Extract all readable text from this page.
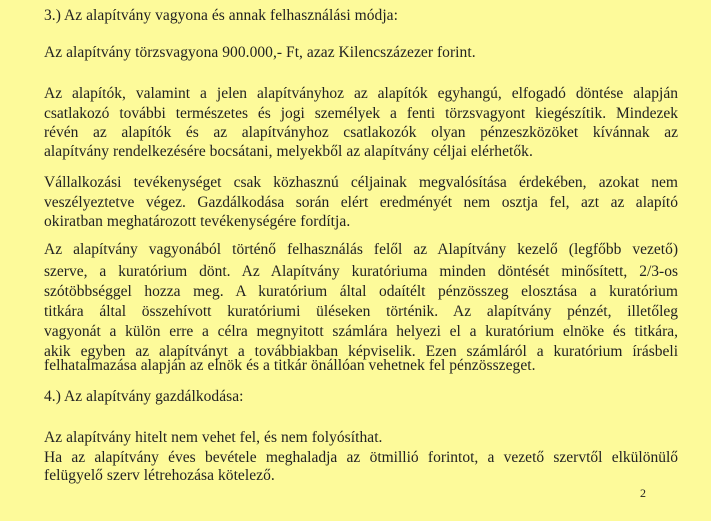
3.) Az alapítvány vagyona és annak felhasználási módja:
Az alapítvány törzsvagyona 900.000,- Ft, azaz Kilencszázezer forint.
Az alapítók, valamint a jelen alapítványhoz az alapítók egyhangú, elfogadó döntése alapján
csatlakozó további természetes és jogi személyek a fenti törzsvagyont kiegészítik. Mindezek
révén az alapítók és az alapítványhoz csatlakozók olyan pénzeszközöket kívánnak az
alapítvány rendelkezésére bocsátani, melyekből az alapítvány céljai elérhetők.
Vállalkozási tevékenységet csak közhasznú céljainak megvalósítása érdekében, azokat nem
veszélyeztetve végez. Gazdálkodása során elért eredményét nem osztja fel, azt az alapító
okiratban meghatározott tevékenységére fordítja.
Az alapítvány vagyonából történő felhasználás felől az Alapítvány kezelő (legfőbb vezető)
szerve, a kuratórium dönt. Az Alapítvány kuratóriuma minden döntését minősített, 2/3-os
szótöbbséggel hozza meg. A kuratórium által odaítélt pénzösszeg elosztása a kuratórium
titkára által összehívott kuratóriumi üléseken történik. Az alapítvány pénzét, illetőleg
vagyonát a külön erre a célra megnyitott számlára helyezi el a kuratórium elnöke és titkára,
akik egyben az alapítványt a továbbiakban képviselik. Ezen számláról a kuratórium írásbeli
felhatalmazása alapján az elnök és a titkár önállóan vehetnek fel pénzösszeget.
4.) Az alapítvány gazdálkodása:
Az alapítvány hitelt nem vehet fel, és nem folyósíthat.
Ha az alapítvány éves bevétele meghaladja az ötmillió forintot, a vezető szervtől elkülönülő
felügyelő szerv létrehozása kötelező.
2
